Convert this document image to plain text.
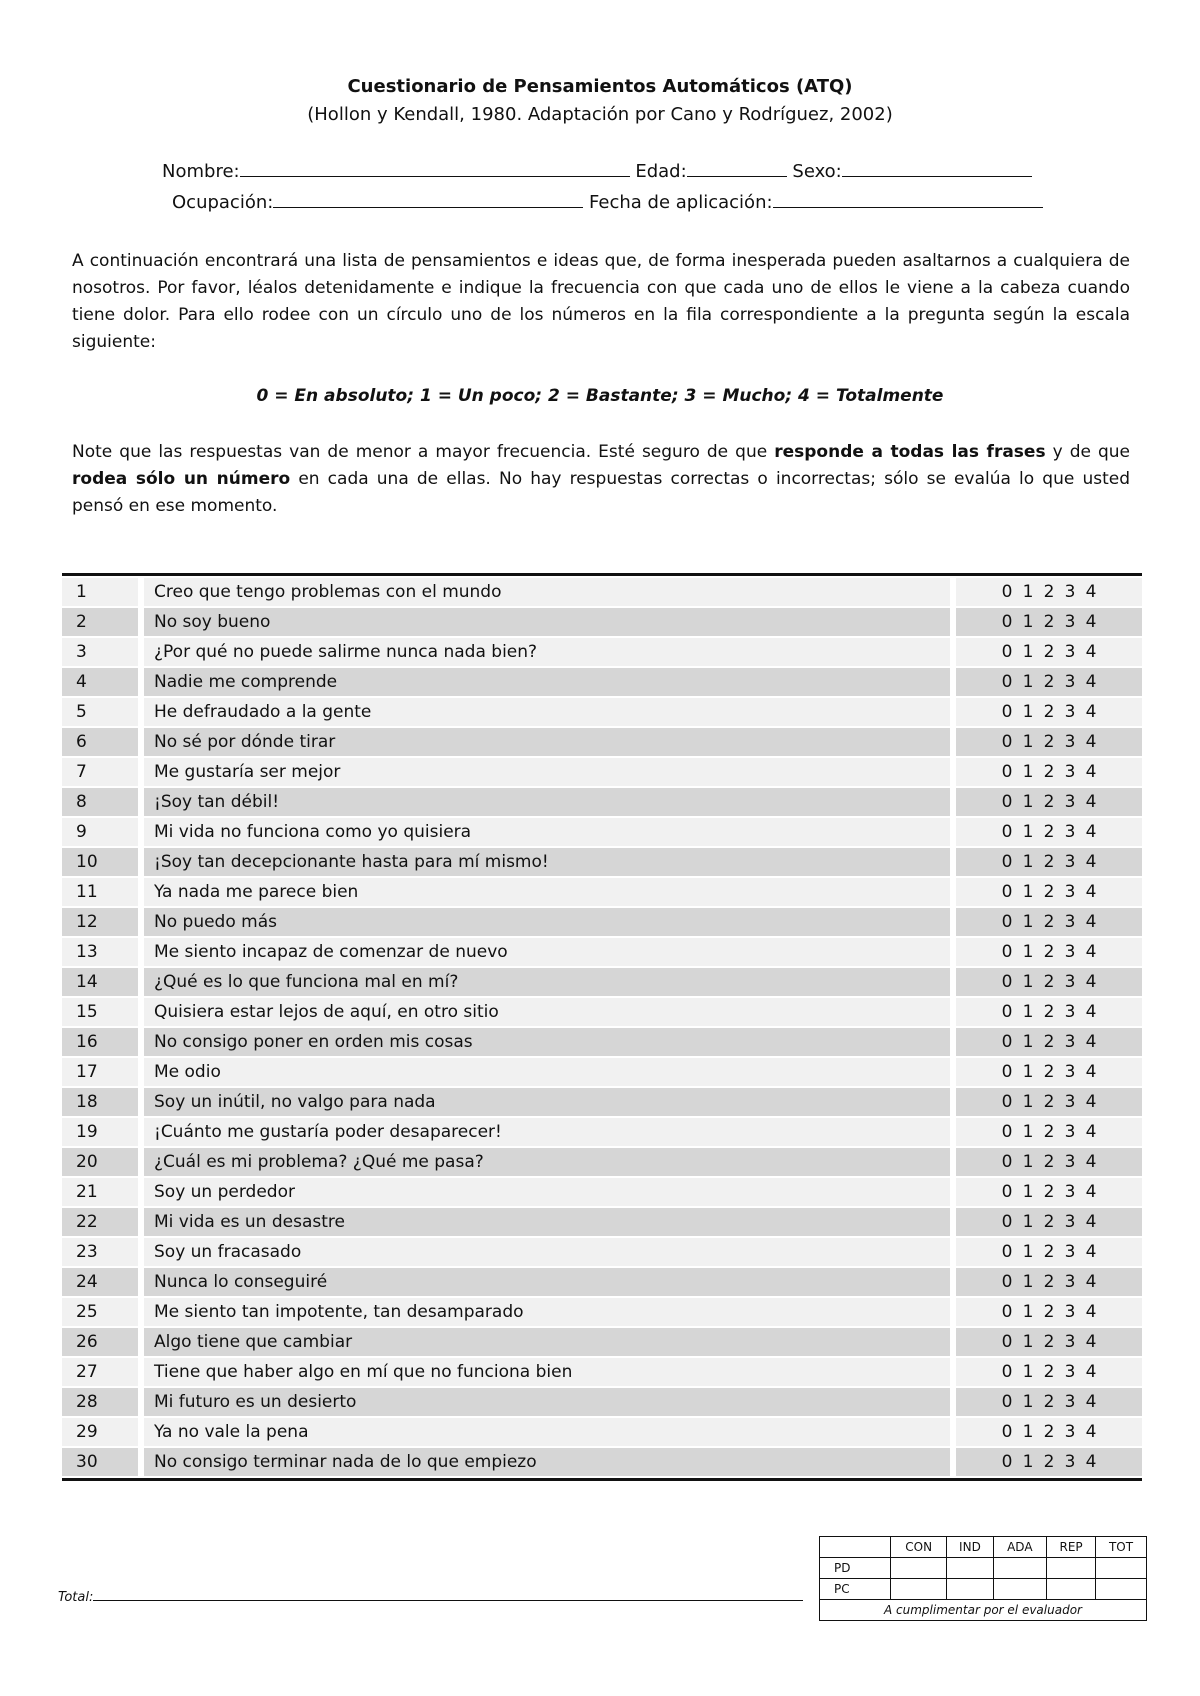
Cuestionario de Pensamientos Automáticos (ATQ)
(Hollon y Kendall, 1980. Adaptación por Cano y Rodríguez, 2002)
Nombre:	Edad:	Sexo:
Ocupación:	Fecha de aplicación:

A continuación encontrará una lista de pensamientos e ideas que, de forma inesperada pueden asaltarnos a cualquiera de nosotros. Por favor, léalos detenidamente e indique la frecuencia con que cada uno de ellos le viene a la cabeza cuando tiene dolor. Para ello rodee con un círculo uno de los números en la fila correspondiente a la pregunta según la escala siguiente:

0 = En absoluto; 1 = Un poco; 2 = Bastante; 3 = Mucho; 4 = Totalmente

Note que las respuestas van de menor a mayor frecuencia. Esté seguro de que responde a todas las frases y de que rodea sólo un número en cada una de ellas. No hay respuestas correctas o incorrectas; sólo se evalúa lo que usted pensó en ese momento.

1		Creo que tengo problemas con el mundo		0 1 2 3 4
2		No soy bueno		0 1 2 3 4
3		¿Por qué no puede salirme nunca nada bien?		0 1 2 3 4
4		Nadie me comprende		0 1 2 3 4
5		He defraudado a la gente		0 1 2 3 4
6		No sé por dónde tirar		0 1 2 3 4
7		Me gustaría ser mejor		0 1 2 3 4
8		¡Soy tan débil!		0 1 2 3 4
9		Mi vida no funciona como yo quisiera		0 1 2 3 4
10		¡Soy tan decepcionante hasta para mí mismo!		0 1 2 3 4
11		Ya nada me parece bien		0 1 2 3 4
12		No puedo más		0 1 2 3 4
13		Me siento incapaz de comenzar de nuevo		0 1 2 3 4
14		¿Qué es lo que funciona mal en mí?		0 1 2 3 4
15		Quisiera estar lejos de aquí, en otro sitio		0 1 2 3 4
16		No consigo poner en orden mis cosas		0 1 2 3 4
17		Me odio		0 1 2 3 4
18		Soy un inútil, no valgo para nada		0 1 2 3 4
19		¡Cuánto me gustaría poder desaparecer!		0 1 2 3 4
20		¿Cuál es mi problema? ¿Qué me pasa?		0 1 2 3 4
21		Soy un perdedor		0 1 2 3 4
22		Mi vida es un desastre		0 1 2 3 4
23		Soy un fracasado		0 1 2 3 4
24		Nunca lo conseguiré		0 1 2 3 4
25		Me siento tan impotente, tan desamparado		0 1 2 3 4
26		Algo tiene que cambiar		0 1 2 3 4
27		Tiene que haber algo en mí que no funciona bien		0 1 2 3 4
28		Mi futuro es un desierto		0 1 2 3 4
29		Ya no vale la pena		0 1 2 3 4
30		No consigo terminar nada de lo que empiezo		0 1 2 3 4
Total:
	CON	IND	ADA	REP	TOT
PD					
PC					
A cumplimentar por el evaluador					
